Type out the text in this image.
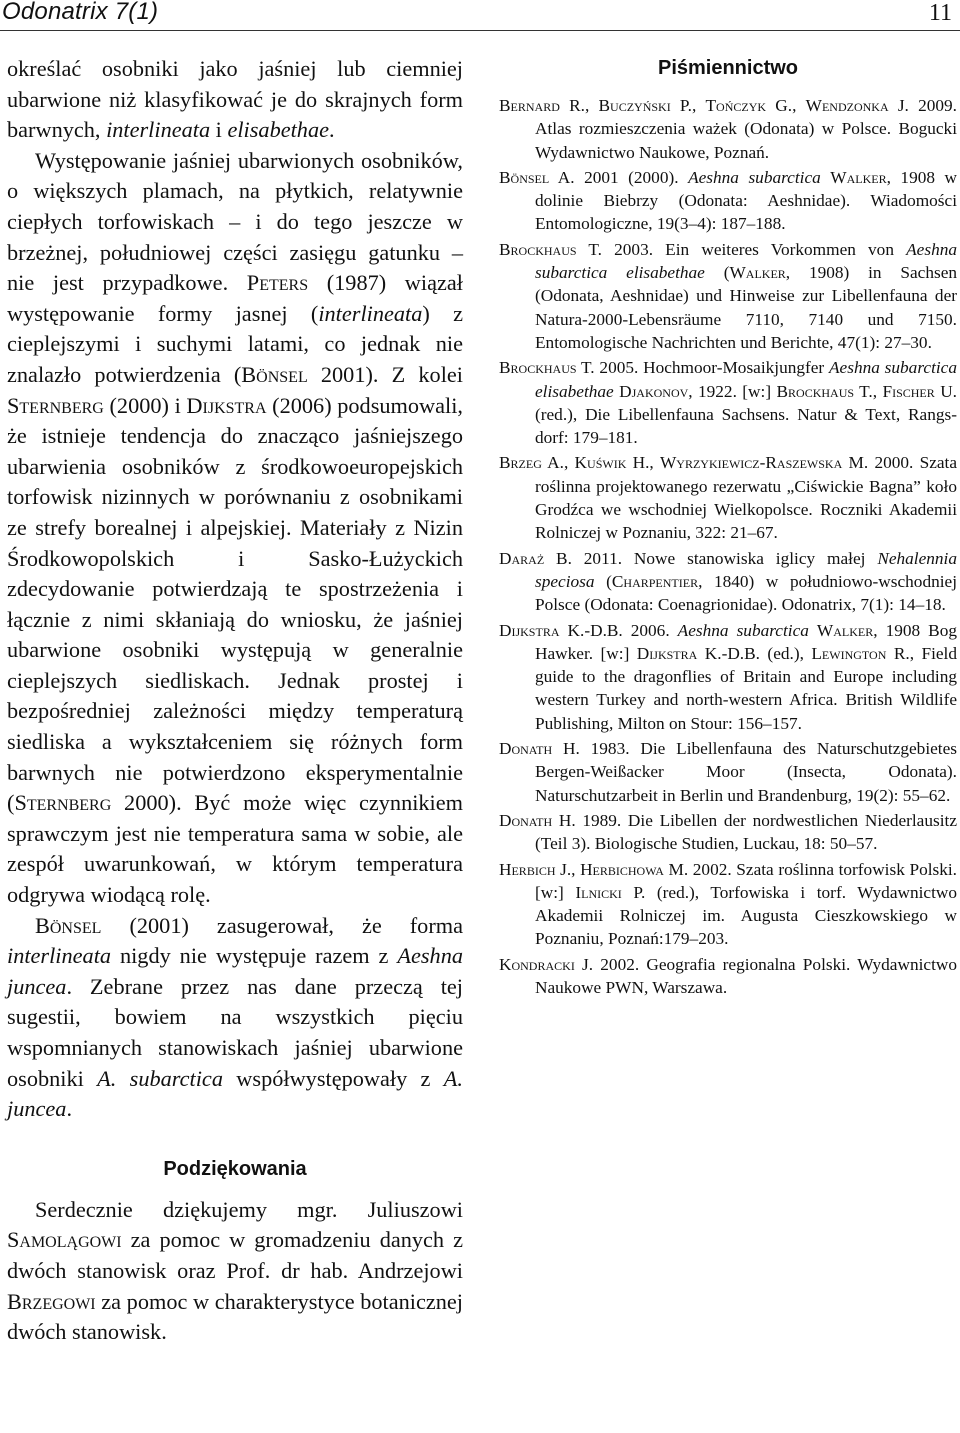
Odonatrix 7(1)	11

określać osobniki jako jaśniej lub ciemniej ubarwione niż klasyfikować je do skrajnych form barwnych, interlineata i elisabethae.

Występowanie jaśniej ubarwionych osobników, o większych plamach, na płytkich, relatywnie ciepłych torfowiskach – i do tego jeszcze w brzeżnej, południowej części zasięgu gatunku – nie jest przypadkowe. Peters (1987) wiązał występowanie formy jasnej (interlineata) z cieplejszymi i suchymi latami, co jednak nie znalazło potwierdzenia (Bönsel 2001). Z kolei Sternberg (2000) i Dijkstra (2006) podsumowali, że istnieje tendencja do znacząco jaśniejszego ubarwienia osobników z środkowoeuropejskich torfowisk nizinnych w porównaniu z osobnikami ze strefy borealnej i alpejskiej. Materiały z Nizin Środkowopolskich i Sasko-Łużyckich zdecydowanie potwierdzają te spostrzeżenia i łącznie z nimi skłaniają do wniosku, że jaśniej ubarwione osobniki występują w generalnie cieplejszych siedliskach. Jednak prostej i bezpośredniej zależności między temperaturą siedliska a wykształceniem się różnych form barwnych nie potwierdzono eksperymentalnie (Sternberg 2000). Być może więc czynnikiem sprawczym jest nie temperatura sama w sobie, ale zespół uwarunkowań, w którym temperatura odgrywa wiodącą rolę.

Bönsel (2001) zasugerował, że forma interlineata nigdy nie występuje razem z Aeshna juncea. Zebrane przez nas dane przeczą tej sugestii, bowiem na wszystkich pięciu wspomnianych stanowiskach jaśniej ubarwione osobniki A. subarctica współwystępowały z A. juncea.

Podziękowania

Serdecznie dziękujemy mgr. Juliuszowi Samolągowi za pomoc w gromadzeniu danych z dwóch stanowisk oraz Prof. dr hab. Andrzejowi Brzegowi za pomoc w charakterystyce botanicznej dwóch stanowisk.

Piśmiennictwo
Bernard R., Buczyński P., Tończyk G., Wendzonka J. 2009. Atlas rozmieszczenia ważek (Odonata) w Polsce. Bogucki Wydawnictwo Naukowe, Poznań.
Bönsel A. 2001 (2000). Aeshna subarctica Walker, 1908 w dolinie Biebrzy (Odonata: Aeshnidae). Wiadomości Entomologiczne, 19(3–4): 187–188.
Brockhaus T. 2003. Ein weiteres Vorkommen von Aeshna subarctica elisabethae (Walker, 1908) in Sachsen (Odonata, Aeshnidae) und Hinweise zur Libellenfauna der Natura-2000-Lebensräume 7110, 7140 und 7150. Entomologische Nachrichten und Berichte, 47(1): 27–30.
Brockhaus T. 2005. Hochmoor-Mosaikjungfer Aeshna subarctica elisabethae Djakonov, 1922. [w:] Brockhaus T., Fischer U. (red.), Die Libellenfauna Sachsens. Natur & Text, Rangsdorf: 179–181.
Brzeg A., Kuświk H., Wyrzykiewicz-Raszewska M. 2000. Szata roślinna projektowanego rezerwatu „Ciświckie Bagna” koło Grodźca we wschodniej Wielkopolsce. Roczniki Akademii Rolniczej w Poznaniu, 322: 21–67.
Daraż B. 2011. Nowe stanowiska iglicy małej Nehalennia speciosa (Charpentier, 1840) w południowo-wschodniej Polsce (Odonata: Coenagrionidae). Odonatrix, 7(1): 14–18.
Dijkstra K.-D.B. 2006. Aeshna subarctica Walker, 1908 Bog Hawker. [w:] Dijkstra K.-D.B. (ed.), Lewington R., Field guide to the dragonflies of Britain and Europe including western Turkey and north-western Africa. British Wildlife Publishing, Milton on Stour: 156–157.
Donath H. 1983. Die Libellenfauna des Naturschutzgebietes Bergen-Weißacker Moor (Insecta, Odonata). Naturschutzarbeit in Berlin und Brandenburg, 19(2): 55–62.
Donath H. 1989. Die Libellen der nordwestlichen Niederlausitz (Teil 3). Biologische Studien, Luckau, 18: 50–57.
Herbich J., Herbichowa M. 2002. Szata roślinna torfowisk Polski. [w:] Ilnicki P. (red.), Torfowiska i torf. Wydawnictwo Akademii Rolniczej im. Augusta Cieszkowskiego w Poznaniu, Poznań:179–203.
Kondracki J. 2002. Geografia regionalna Polski. Wydawnictwo Naukowe PWN, Warszawa.
